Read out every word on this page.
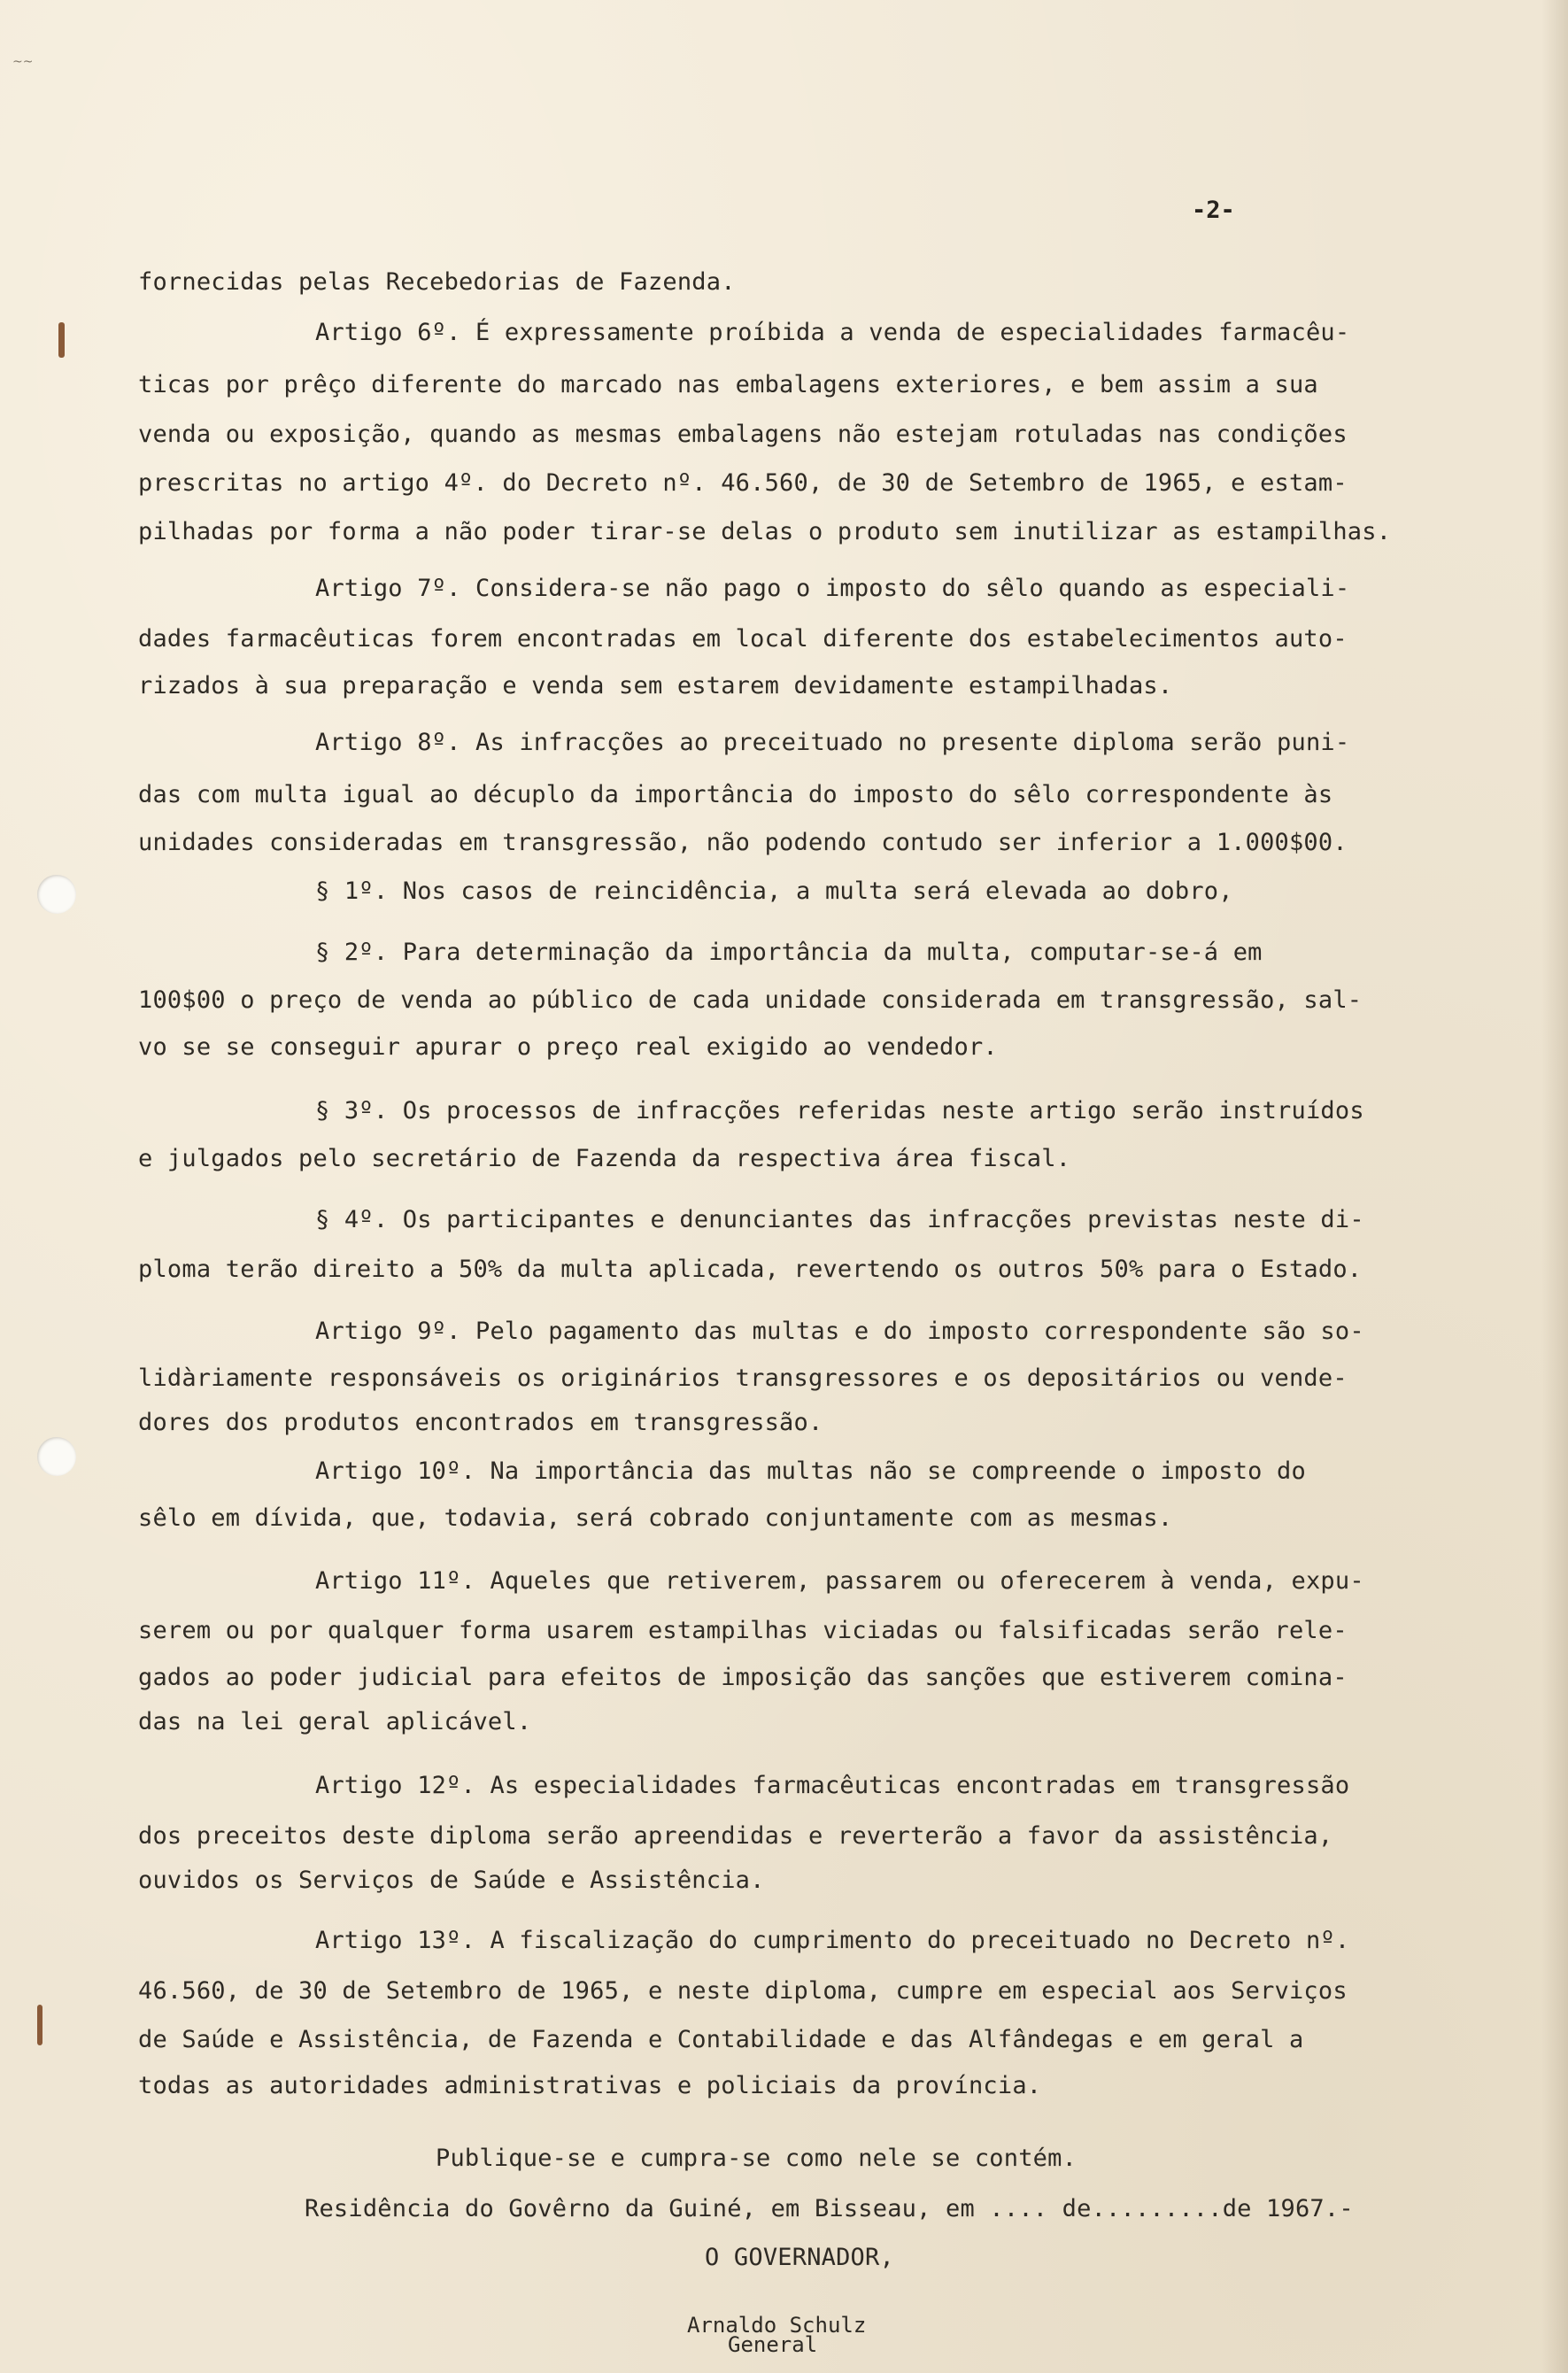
~~
-2-
fornecidas pelas Recebedorias de Fazenda.
Artigo 6º. É expressamente proíbida a venda de especialidades farmacêu-
ticas por prêço diferente do marcado nas embalagens exteriores, e bem assim a sua
venda ou exposição, quando as mesmas embalagens não estejam rotuladas nas condições
prescritas no artigo 4º. do Decreto nº. 46.560, de 30 de Setembro de 1965, e estam-
pilhadas por forma a não poder tirar-se delas o produto sem inutilizar as estampilhas.
Artigo 7º. Considera-se não pago o imposto do sêlo quando as especiali-
dades farmacêuticas forem encontradas em local diferente dos estabelecimentos auto-
rizados à sua preparação e venda sem estarem devidamente estampilhadas.
Artigo 8º. As infracções ao preceituado no presente diploma serão puni-
das com multa igual ao décuplo da importância do imposto do sêlo correspondente às
unidades consideradas em transgressão, não podendo contudo ser inferior a 1.000$00.
§ 1º. Nos casos de reincidência, a multa será elevada ao dobro,
§ 2º. Para determinação da importância da multa, computar-se-á em
100$00 o preço de venda ao público de cada unidade considerada em transgressão, sal-
vo se se conseguir apurar o preço real exigido ao vendedor.
§ 3º. Os processos de infracções referidas neste artigo serão instruídos
e julgados pelo secretário de Fazenda da respectiva área fiscal.
§ 4º. Os participantes e denunciantes das infracções previstas neste di-
ploma terão direito a 50% da multa aplicada, revertendo os outros 50% para o Estado.
Artigo 9º. Pelo pagamento das multas e do imposto correspondente são so-
lidàriamente responsáveis os originários transgressores e os depositários ou vende-
dores dos produtos encontrados em transgressão.
Artigo 10º. Na importância das multas não se compreende o imposto do
sêlo em dívida, que, todavia, será cobrado conjuntamente com as mesmas.
Artigo 11º. Aqueles que retiverem, passarem ou oferecerem à venda, expu-
serem ou por qualquer forma usarem estampilhas viciadas ou falsificadas serão rele-
gados ao poder judicial para efeitos de imposição das sanções que estiverem comina-
das na lei geral aplicável.
Artigo 12º. As especialidades farmacêuticas encontradas em transgressão
dos preceitos deste diploma serão apreendidas e reverterão a favor da assistência,
ouvidos os Serviços de Saúde e Assistência.
Artigo 13º. A fiscalização do cumprimento do preceituado no Decreto nº.
46.560, de 30 de Setembro de 1965, e neste diploma, cumpre em especial aos Serviços
de Saúde e Assistência, de Fazenda e Contabilidade e das Alfândegas e em geral a
todas as autoridades administrativas e policiais da província.
Publique-se e cumpra-se como nele se contém.
Residência do Govêrno da Guiné, em Bisseau, em .... de.........de 1967.-
O GOVERNADOR,
Arnaldo Schulz
General
